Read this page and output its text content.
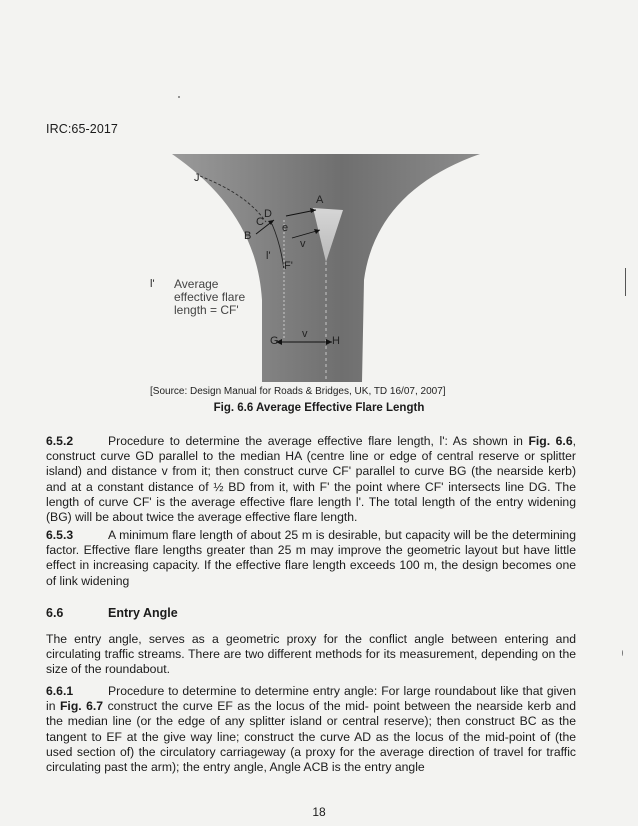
IRC:65-2017
J
A
C
D
e
B
v
l'
F'
G
v
H
l' Average
effective flare
length = CF'
[Source: Design Manual for Roads & Bridges, UK, TD 16/07, 2007]
Fig. 6.6 Average Effective Flare Length
6.5.2	Procedure to determine the average effective flare length, l': As shown in Fig. 6.6, construct curve GD parallel to the median HA (centre line or edge of central reserve or splitter island) and distance v from it; then construct curve CF' parallel to curve BG (the nearside kerb) and at a constant distance of ½ BD from it, with F' the point where CF' intersects line DG. The length of curve CF' is the average effective flare length l'. The total length of the entry widening (BG) will be about twice the average effective flare length.
6.5.3	A minimum flare length of about 25 m is desirable, but capacity will be the determining factor. Effective flare lengths greater than 25 m may improve the geometric layout but have little effect in increasing capacity. If the effective flare length exceeds 100 m, the design becomes one of link widening
6.6	Entry Angle
The entry angle, serves as a geometric proxy for the conflict angle between entering and circulating traffic streams. There are two different methods for its measurement, depending on the size of the roundabout.
6.6.1	Procedure to determine to determine entry angle: For large roundabout like that given in Fig. 6.7 construct the curve EF as the locus of the mid- point between the nearside kerb and the median line (or the edge of any splitter island or central reserve); then construct BC as the tangent to EF at the give way line; construct the curve AD as the locus of the mid-point of (the used section of) the circulatory carriageway (a proxy for the average direction of travel for traffic circulating past the arm); the entry angle, Angle ACB is the entry angle
18
